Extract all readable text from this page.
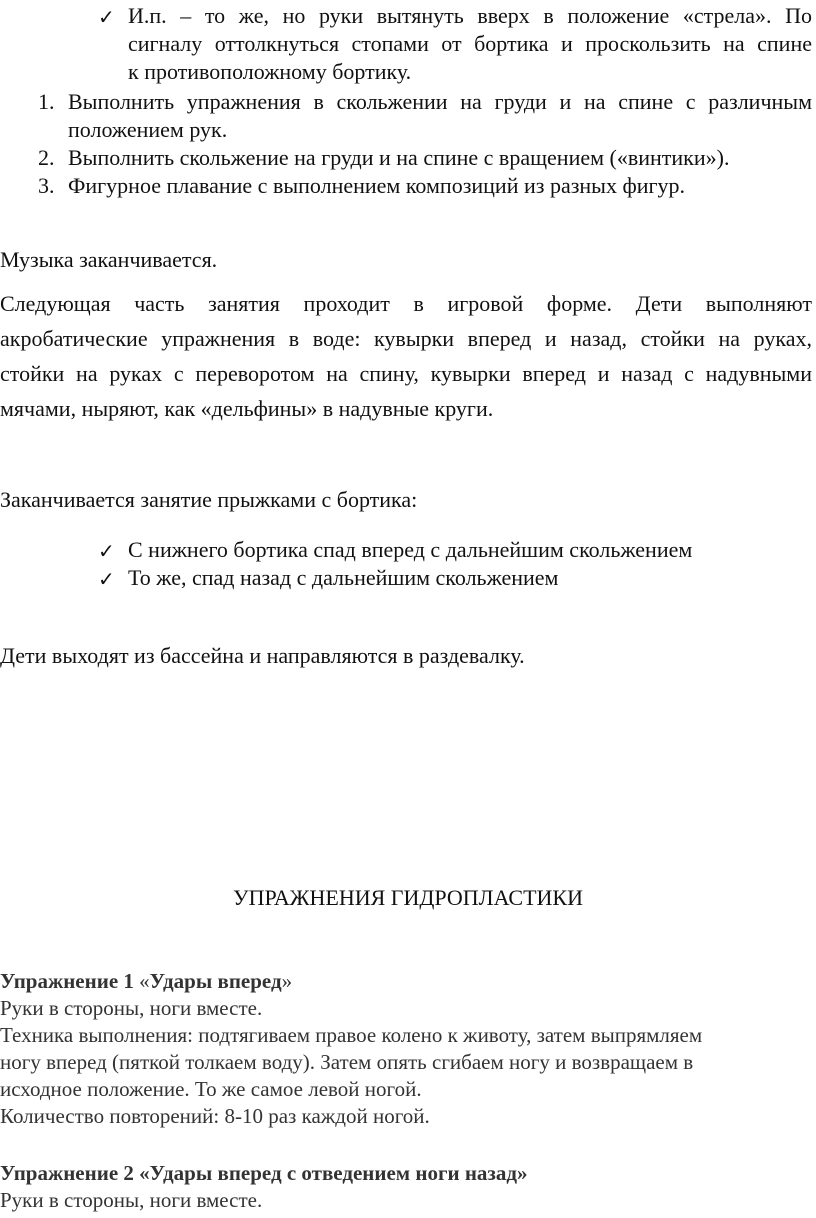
✓ И.п. – то же, но руки вытянуть вверх в положение «стрела». По
сигналу оттолкнуться стопами от бортика и проскользить на спине
к противоположному бортику.
1. Выполнить упражнения в скольжении на груди и на спине с различным
положением рук.
2. Выполнить скольжение на груди и на спине с вращением («винтики»).
3. Фигурное плавание с выполнением композиций из разных фигур.
Музыка заканчивается.
Следующая часть занятия проходит в игровой форме. Дети выполняют
акробатические упражнения в воде: кувырки вперед и назад, стойки на руках,
стойки на руках с переворотом на спину, кувырки вперед и назад с надувными
мячами, ныряют, как «дельфины» в надувные круги.
Заканчивается занятие прыжками с бортика:
✓ С нижнего бортика спад вперед с дальнейшим скольжением
✓ То же, спад назад с дальнейшим скольжением
Дети выходят из бассейна и направляются в раздевалку.
УПРАЖНЕНИЯ ГИДРОПЛАСТИКИ
Упражнение 1 «Удары вперед»
Руки в стороны, ноги вместе.
Техника выполнения: подтягиваем правое колено к животу, затем выпрямляем
ногу вперед (пяткой толкаем воду). Затем опять сгибаем ногу и возвращаем в
исходное положение. То же самое левой ногой.
Количество повторений: 8-10 раз каждой ногой.
Упражнение 2 «Удары вперед с отведением ноги назад»
Руки в стороны, ноги вместе.
